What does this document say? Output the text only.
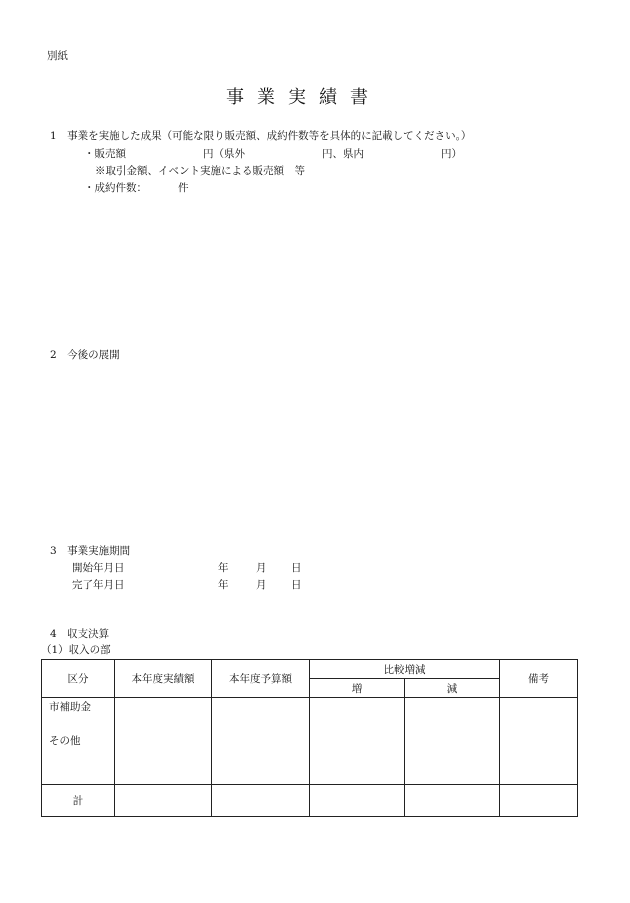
別紙
事業実績書
1　事業を実施した成果（可能な限り販売額、成約件数等を具体的に記載してください。）
・販売額	円（県外	円、県内	円）
※取引金額、イベント実施による販売額　等
・成約件数：	件
2　今後の展開
3　事業実施期間
開始年月日	年	月 日
完了年月日	年	月 日
4　収支決算
（1）収入の部
区分	本年度実績額	本年度予算額	比較増減		備考
			増	減	

市補助金
その他					

計					
